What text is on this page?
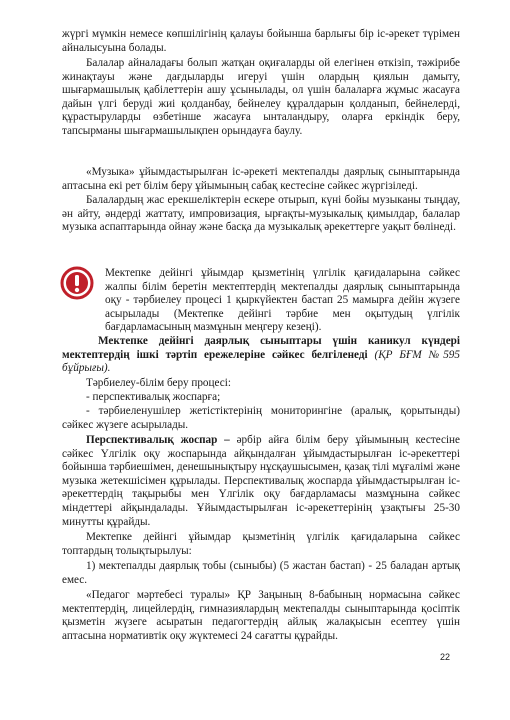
жүргі мүмкін немесе көпшілігінің қалауы бойынша барлығы бір іс-әрекет түрімен айналысуына болады.

Балалар айналадағы болып жатқан оқиғаларды ой елегінен өткізіп, тәжірибе жинақтауы және дағдыларды игеруі үшін олардың қиялын дамыту, шығармашылық қабілеттерін ашу ұсынылады, ол үшін балаларға жұмыс жасауға дайын үлгі беруді жиі қолданбау, бейнелеу құралдарын қолданып, бейнелерді, құрастыруларды өзбетінше жасауға ынталандыру, оларға еркіндік беру, тапсырманы шығармашылықпен орындауға баулу.

«Музыка» ұйымдастырылған іс-әрекеті мектепалды даярлық сыныптарында аптасына екі рет білім беру ұйымының сабақ кестесіне сәйкес жүргізіледі.

Балалардың жас ерекшеліктерін ескере отырып, күні бойы музыканы тыңдау, ән айту, әндерді жаттату, импровизация, ырғақты-музыкалық қимылдар, балалар музыка аспаптарында ойнау және басқа да музыкалық әрекеттерге уақыт бөлінеді.

Мектепке дейінгі ұйымдар қызметінің үлгілік қағидаларына сәйкес жалпы білім беретін мектептердің мектепалды даярлық сыныптарында оқу - тәрбиелеу процесі 1 қыркүйектен бастап 25 мамырға дейін жүзеге асырылады (Мектепке дейінгі тәрбие мен оқытудың үлгілік бағдарламасының мазмұнын меңгеру кезеңі).

Мектепке дейінгі даярлық сыныптары үшін каникул күндері мектептердің ішкі тәртіп ережелеріне сәйкес белгіленеді (ҚР БҒМ №595 бұйрығы).

Тәрбиелеу-білім беру процесі:

- перспективалық жоспарға;

- тәрбиеленушілер жетістіктерінің мониторингіне (аралық, қорытынды) сәйкес жүзеге асырылады.

Перспективалық жоспар – әрбір айға білім беру ұйымының кестесіне сәйкес Үлгілік оқу жоспарында айқындалған ұйымдастырылған іс-әрекеттері бойынша тәрбиешімен, денешынықтыру нұсқаушысымен, қазақ тілі мұғалімі және музыка жетекшісімен құрылады. Перспективалық жоспарда ұйымдастырылған іс-әрекеттердің тақырыбы мен Үлгілік оқу бағдарламасы мазмұнына сәйкес міндеттері айқындалады. Ұйымдастырылған іс-әрекеттерінің ұзақтығы 25-30 минутты құрайды.

Мектепке дейінгі ұйымдар қызметінің үлгілік қағидаларына сәйкес топтардың толықтырылуы:

1) мектепалды даярлық тобы (сыныбы) (5 жастан бастап) - 25 баладан артық емес.

«Педагог мәртебесі туралы» ҚР Заңының 8-бабының нормасына сәйкес мектептердің, лицейлердің, гимназиялардың мектепалды сыныптарында қосіптік қызметін жүзеге асыратын педагогтердің айлық жалақысын есептеу үшін аптасына нормативтік оқу жүктемесі 24 сағатты құрайды.

22
